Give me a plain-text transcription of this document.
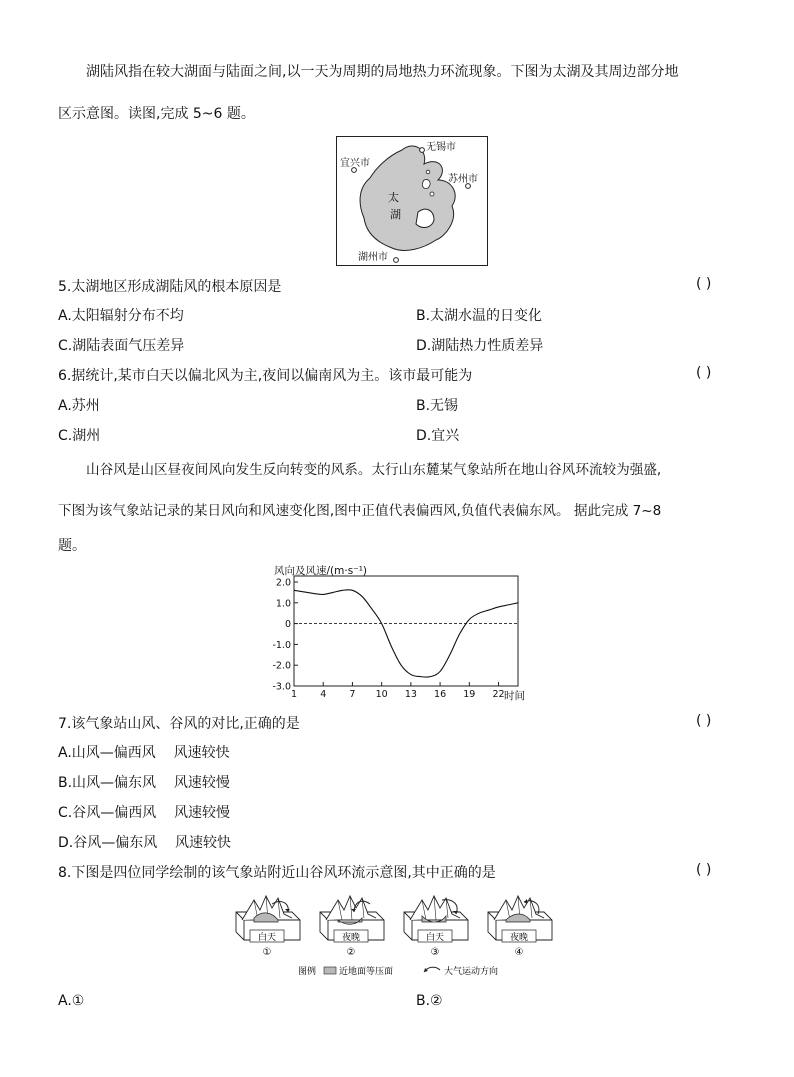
湖陆风指在较大湖面与陆面之间,以一天为周期的局地热力环流现象。下图为太湖及其周边部分地
区示意图。读图,完成 5~6 题。
太
湖
无锡市
宜兴市
苏州市
湖州市
5.太湖地区形成湖陆风的根本原因是	( )
A.太阳辐射分布不均	B.太湖水温的日变化
C.湖陆表面气压差异	D.湖陆热力性质差异
6.据统计,某市白天以偏北风为主,夜间以偏南风为主。该市最可能为	( )
A.苏州	B.无锡
C.湖州	D.宜兴
山谷风是山区昼夜间风向发生反向转变的风系。太行山东麓某气象站所在地山谷风环流较为强盛,
下图为该气象站记录的某日风向和风速变化图,图中正值代表偏西风,负值代表偏东风。 据此完成 7~8
题。
风向及风速/(m·s⁻¹)
2.0
1.0
0
-1.0
-2.0
-3.0
1 4 7 10 13 16 19 22 时间
7.该气象站山风、谷风的对比,正确的是	( )
A.山风—偏西风    风速较快
B.山风—偏东风    风速较慢
C.谷风—偏西风    风速较慢
D.谷风—偏东风    风速较快
8.下图是四位同学绘制的该气象站附近山谷风环流示意图,其中正确的是	( )
白天
①
夜晚
②
白天
③
夜晚
④
图例	近地面等压面	大气运动方向
A.①	B.②
